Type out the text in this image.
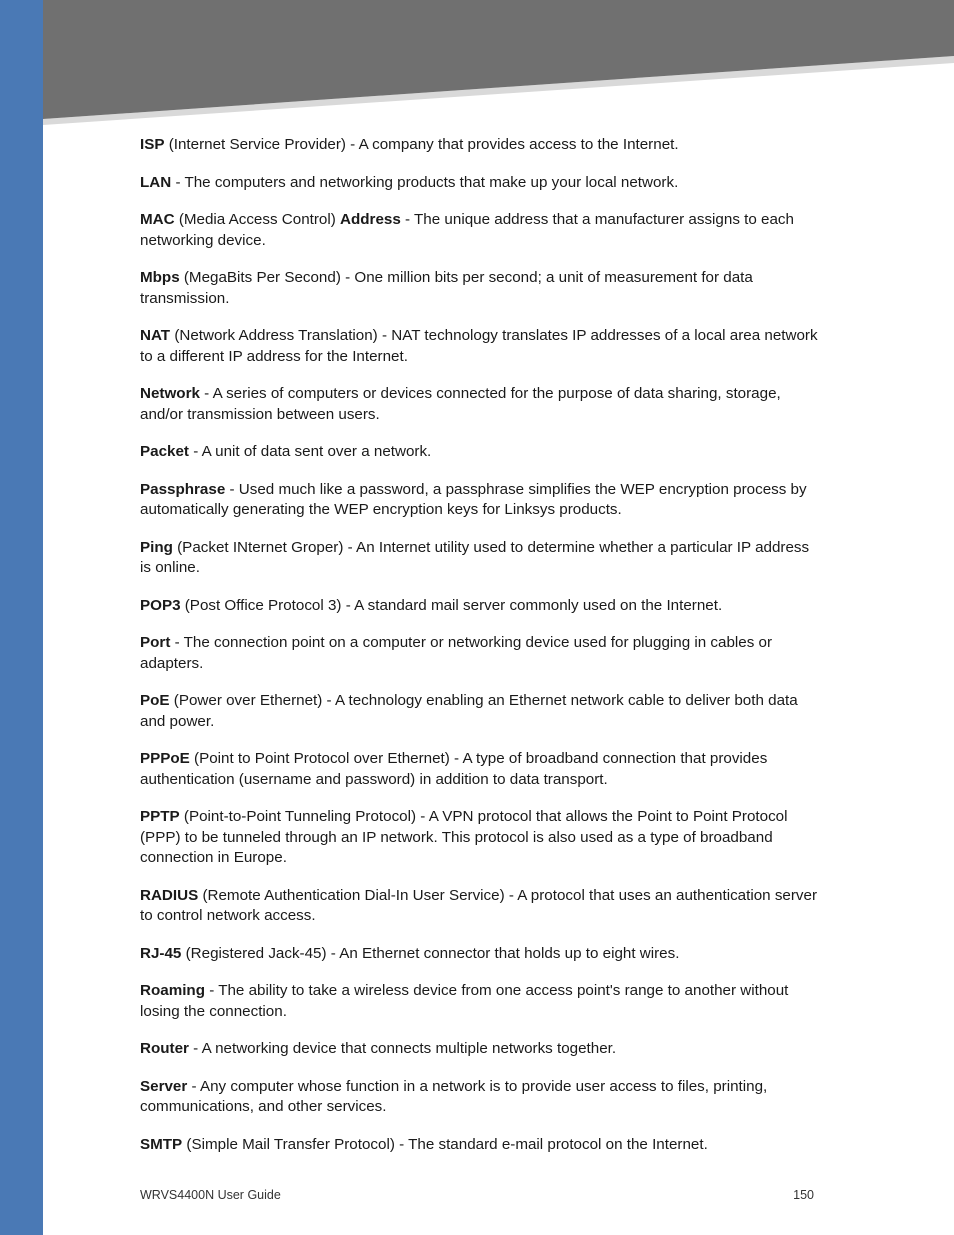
ISP (Internet Service Provider) - A company that provides access to the Internet.
LAN - The computers and networking products that make up your local network.
MAC (Media Access Control) Address - The unique address that a manufacturer assigns to each networking device.
Mbps (MegaBits Per Second) - One million bits per second; a unit of measurement for data transmission.
NAT (Network Address Translation) - NAT technology translates IP addresses of a local area network to a different IP address for the Internet.
Network - A series of computers or devices connected for the purpose of data sharing, storage, and/or transmission between users.
Packet - A unit of data sent over a network.
Passphrase - Used much like a password, a passphrase simplifies the WEP encryption process by automatically generating the WEP encryption keys for Linksys products.
Ping (Packet INternet Groper) - An Internet utility used to determine whether a particular IP address is online.
POP3 (Post Office Protocol 3) - A standard mail server commonly used on the Internet.
Port - The connection point on a computer or networking device used for plugging in cables or adapters.
PoE (Power over Ethernet) - A technology enabling an Ethernet network cable to deliver both data and power.
PPPoE (Point to Point Protocol over Ethernet) - A type of broadband connection that provides authentication (username and password) in addition to data transport.
PPTP (Point-to-Point Tunneling Protocol) - A VPN protocol that allows the Point to Point Protocol (PPP) to be tunneled through an IP network. This protocol is also used as a type of broadband connection in Europe.
RADIUS (Remote Authentication Dial-In User Service) - A protocol that uses an authentication server to control network access.
RJ-45 (Registered Jack-45) - An Ethernet connector that holds up to eight wires.
Roaming - The ability to take a wireless device from one access point's range to another without losing the connection.
Router - A networking device that connects multiple networks together.
Server - Any computer whose function in a network is to provide user access to files, printing, communications, and other services.
SMTP (Simple Mail Transfer Protocol) - The standard e-mail protocol on the Internet.
WRVS4400N User Guide	150
